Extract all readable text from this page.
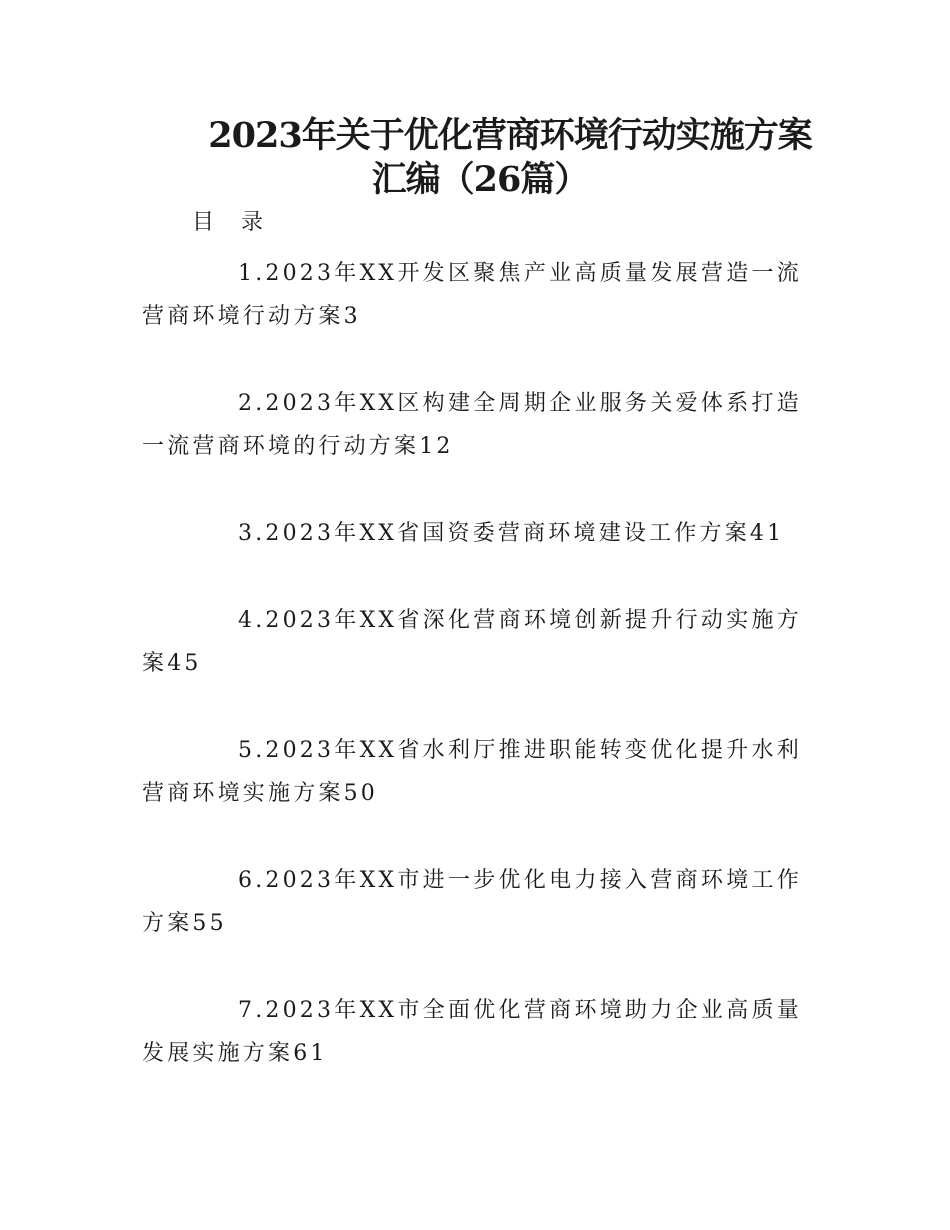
2023年关于优化营商环境行动实施方案
汇编（26篇）
目 录

1.2023年XX开发区聚焦产业高质量发展营造一流营商环境行动方案3

2.2023年XX区构建全周期企业服务关爱体系打造一流营商环境的行动方案12

3.2023年XX省国资委营商环境建设工作方案41

4.2023年XX省深化营商环境创新提升行动实施方案45

5.2023年XX省水利厅推进职能转变优化提升水利营商环境实施方案50

6.2023年XX市进一步优化电力接入营商环境工作方案55

7.2023年XX市全面优化营商环境助力企业高质量发展实施方案61
